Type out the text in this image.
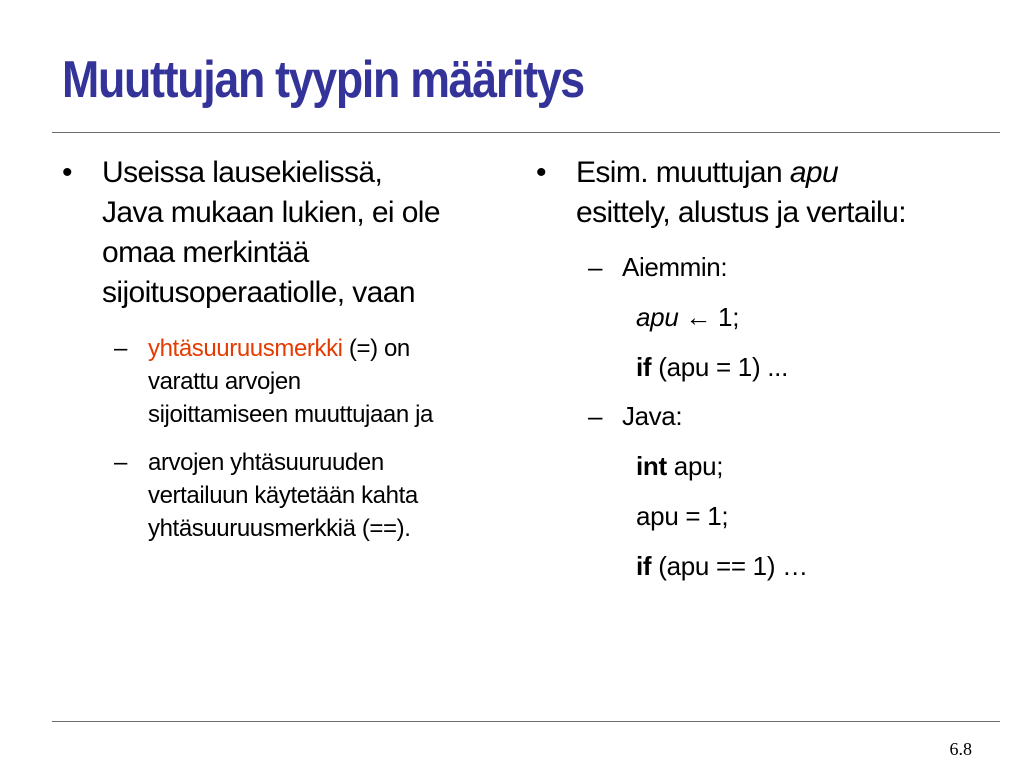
Muuttujan tyypin määritys
•	Useissa lausekielissä,
Java mukaan lukien, ei ole
omaa merkintää
sijoitusoperaatiolle, vaan
– yhtäsuuruusmerkki (=) on
varattu arvojen
sijoittamiseen muuttujaan ja
– arvojen yhtäsuuruuden
vertailuun käytetään kahta
yhtäsuuruusmerkkiä (==).
•	Esim. muuttujan apu
esittely, alustus ja vertailu:
– Aiemmin:
apu ← 1;
if (apu = 1) ...
– Java:
int apu;
apu = 1;
if (apu == 1) …
6.8
